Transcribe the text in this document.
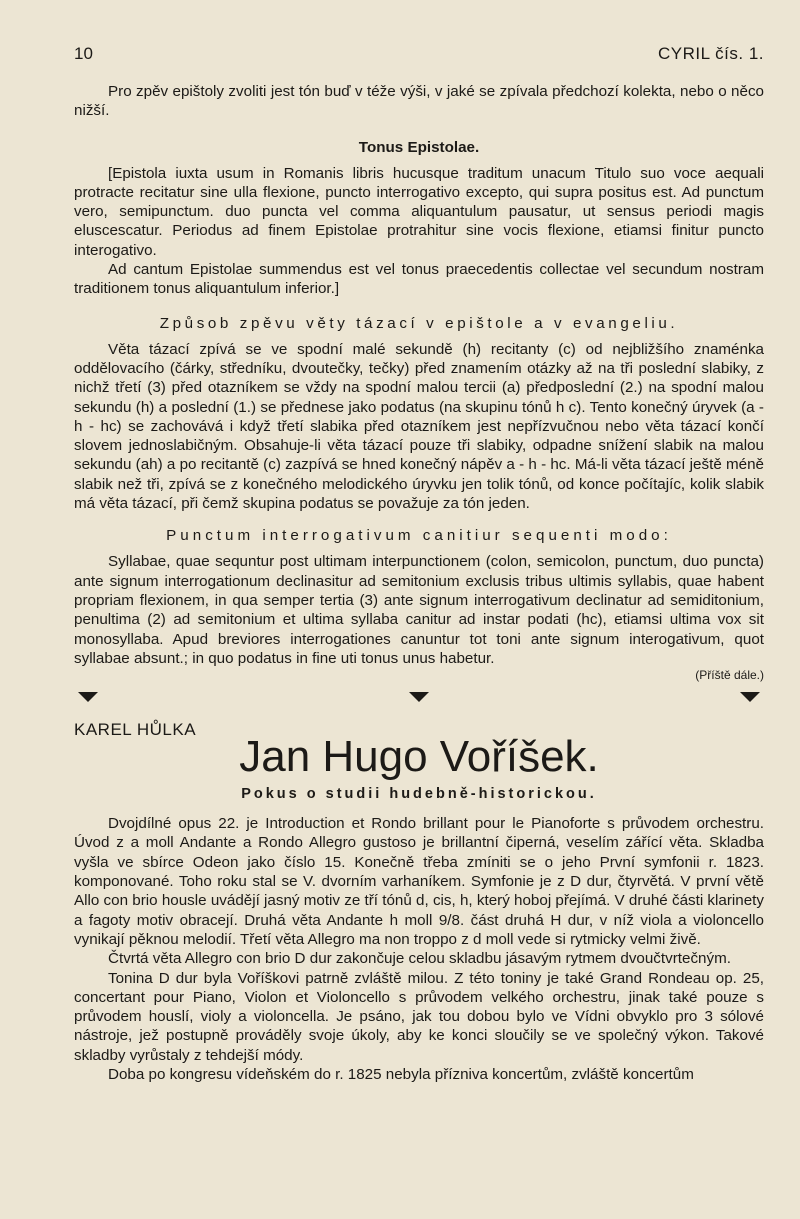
10	CYRIL čís. 1.

Pro zpěv epištoly zvoliti jest tón buď v téže výši, v jaké se zpívala předchozí kolekta, nebo o něco nižší.

Tonus Epistolae.

[Epistola iuxta usum in Romanis libris hucusque traditum unacum Titulo suo voce aequali protracte recitatur sine ulla flexione, puncto interrogativo excepto, qui supra positus est. Ad punctum vero, semipunctum. duo puncta vel comma aliquantulum pausatur, ut sensus periodi magis eluscescatur. Periodus ad finem Epistolae protrahitur sine vocis flexione, etiamsi finitur puncto interogativo.

Ad cantum Epistolae summendus est vel tonus praecedentis collectae vel secundum nostram traditionem tonus aliquantulum inferior.]

Způsob zpěvu věty tázací v epištole a v evangeliu.

Věta tázací zpívá se ve spodní malé sekundě (h) recitanty (c) od nejbližšího znaménka oddělovacího (čárky, středníku, dvoutečky, tečky) před znamením otázky až na tři poslední slabiky, z nichž třetí (3) před otazníkem se vždy na spodní malou tercii (a) předposlední (2.) na spodní malou sekundu (h) a poslední (1.) se přednese jako podatus (na skupinu tónů h c). Tento konečný úryvek (a - h - hc) se zachovává i když třetí slabika před otazníkem jest nepřízvučnou nebo věta tázací končí slovem jednoslabičným. Obsahuje-li věta tázací pouze tři slabiky, odpadne snížení slabik na malou sekundu (ah) a po recitantě (c) zazpívá se hned konečný nápěv a - h - hc. Má-li věta tázací ještě méně slabik než tři, zpívá se z konečného melodického úryvku jen tolik tónů, od konce počítajíc, kolik slabik má věta tázací, při čemž skupina podatus se považuje za tón jeden.

Punctum interrogativum canitiur sequenti modo:

Syllabae, quae sequntur post ultimam interpunctionem (colon, semicolon, punctum, duo puncta) ante signum interrogationum declinasitur ad semitonium exclusis tribus ultimis syllabis, quae habent propriam flexionem, in qua semper tertia (3) ante signum interrogativum declinatur ad semiditonium, penultima (2) ad semitonium et ultima syllaba canitur ad instar podati (hc), etiamsi ultima vox sit monosyllaba. Apud breviores interrogationes canuntur tot toni ante signum interogativum, quot syllabae absunt.; in quo podatus in fine uti tonus unus habetur.

(Příště dále.)
KAREL HŮLKA
Jan Hugo Voříšek.
Pokus o studii hudebně-historickou.

Dvojdílné opus 22. je Introduction et Rondo brillant pour le Pianoforte s průvodem orchestru. Úvod z a moll Andante a Rondo Allegro gustoso je brillantní čiperná, veselím zářící věta. Skladba vyšla ve sbírce Odeon jako číslo 15. Konečně třeba zmíniti se o jeho První symfonii r. 1823. komponované. Toho roku stal se V. dvorním varhaníkem. Symfonie je z D dur, čtyrvětá. V první větě Allo con brio housle uvádějí jasný motiv ze tří tónů d, cis, h, který hoboj přejímá. V druhé části klarinety a fagoty motiv obracejí. Druhá věta Andante h moll 9/8. část druhá H dur, v níž viola a violoncello vynikají pěknou melodií. Třetí věta Allegro ma non troppo z d moll vede si rytmicky velmi živě.

Čtvrtá věta Allegro con brio D dur zakončuje celou skladbu jásavým rytmem dvoučtvrtečným.

Tonina D dur byla Voříškovi patrně zvláště milou. Z této toniny je také Grand Rondeau op. 25, concertant pour Piano, Violon et Violoncello s průvodem velkého orchestru, jinak také pouze s průvodem houslí, violy a violoncella. Je psáno, jak tou dobou bylo ve Vídni obvyklo pro 3 sólové nástroje, jež postupně prováděly svoje úkoly, aby ke konci sloučily se ve společný výkon. Takové skladby vyrůstaly z tehdejší módy.

Doba po kongresu vídeňském do r. 1825 nebyla přízniva koncertům, zvláště koncertům
